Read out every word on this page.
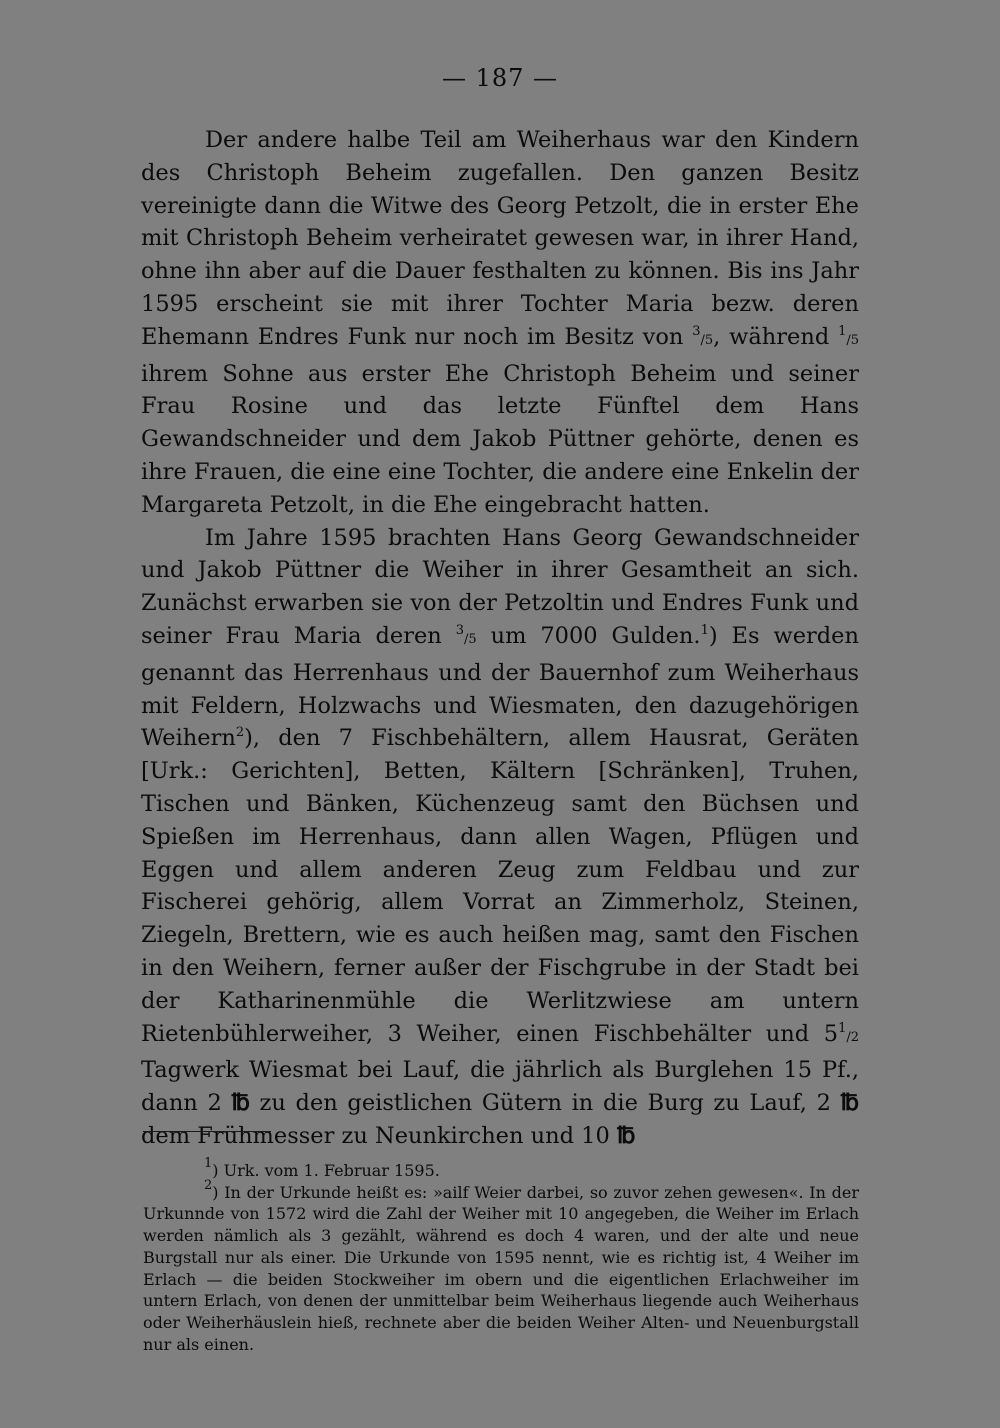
— 187 —

Der andere halbe Teil am Weiherhaus war den Kindern des Christoph Beheim zugefallen. Den ganzen Besitz vereinigte dann die Witwe des Georg Petzolt, die in erster Ehe mit Christoph Beheim verheiratet gewesen war, in ihrer Hand, ohne ihn aber auf die Dauer festhalten zu können. Bis ins Jahr 1595 erscheint sie mit ihrer Tochter Maria bezw. deren Ehemann Endres Funk nur noch im Besitz von $^3$/5, während $^1$/5 ihrem Sohne aus erster Ehe Christoph Beheim und seiner Frau Rosine und das letzte Fünftel dem Hans Gewandschneider und dem Jakob Püttner gehörte, denen es ihre Frauen, die eine eine Tochter, die andere eine Enkelin der Margareta Petzolt, in die Ehe eingebracht hatten.

Im Jahre 1595 brachten Hans Georg Gewandschneider und Jakob Püttner die Weiher in ihrer Gesamtheit an sich. Zunächst erwarben sie von der Petzoltin und Endres Funk und seiner Frau Maria deren $^3$/5 um 7000 Gulden.$^1$) Es werden genannt das Herrenhaus und der Bauernhof zum Weiherhaus mit Feldern, Holzwachs und Wiesmaten, den dazugehörigen Weihern$^2$), den 7 Fischbehältern, allem Hausrat, Geräten [Urk.: Gerichten], Betten, Kältern [Schränken], Truhen, Tischen und Bänken, Küchenzeug samt den Büchsen und Spießen im Herrenhaus, dann allen Wagen, Pflügen und Eggen und allem anderen Zeug zum Feldbau und zur Fischerei gehörig, allem Vorrat an Zimmerholz, Steinen, Ziegeln, Brettern, wie es auch heißen mag, samt den Fischen in den Weihern, ferner außer der Fischgrube in der Stadt bei der Katharinenmühle die Werlitzwiese am untern Rietenbühlerweiher, 3 Weiher, einen Fischbehälter und $5^1/2$ Tagwerk Wiesmat bei Lauf, die jährlich als Burglehen 15 Pf., dann 2 ℔ zu den geistlichen Gütern in die Burg zu Lauf, 2 ℔ dem Frühmesser zu Neunkirchen und 10 ℔

$^1$) Urk. vom 1. Februar 1595.

$^2$) In der Urkunde heißt es: »ailf Weier darbei, so zuvor zehen gewesen«. In der Urkunnde von 1572 wird die Zahl der Weiher mit 10 angegeben, die Weiher im Erlach werden nämlich als 3 gezählt, während es doch 4 waren, und der alte und neue Burgstall nur als einer. Die Urkunde von 1595 nennt, wie es richtig ist, 4 Weiher im Erlach — die beiden Stockweiher im obern und die eigentlichen Erlachweiher im untern Erlach, von denen der unmittelbar beim Weiherhaus liegende auch Weiherhaus oder Weiherhäuslein hieß, rechnete aber die beiden Weiher Alten- und Neuenburgstall nur als einen.
